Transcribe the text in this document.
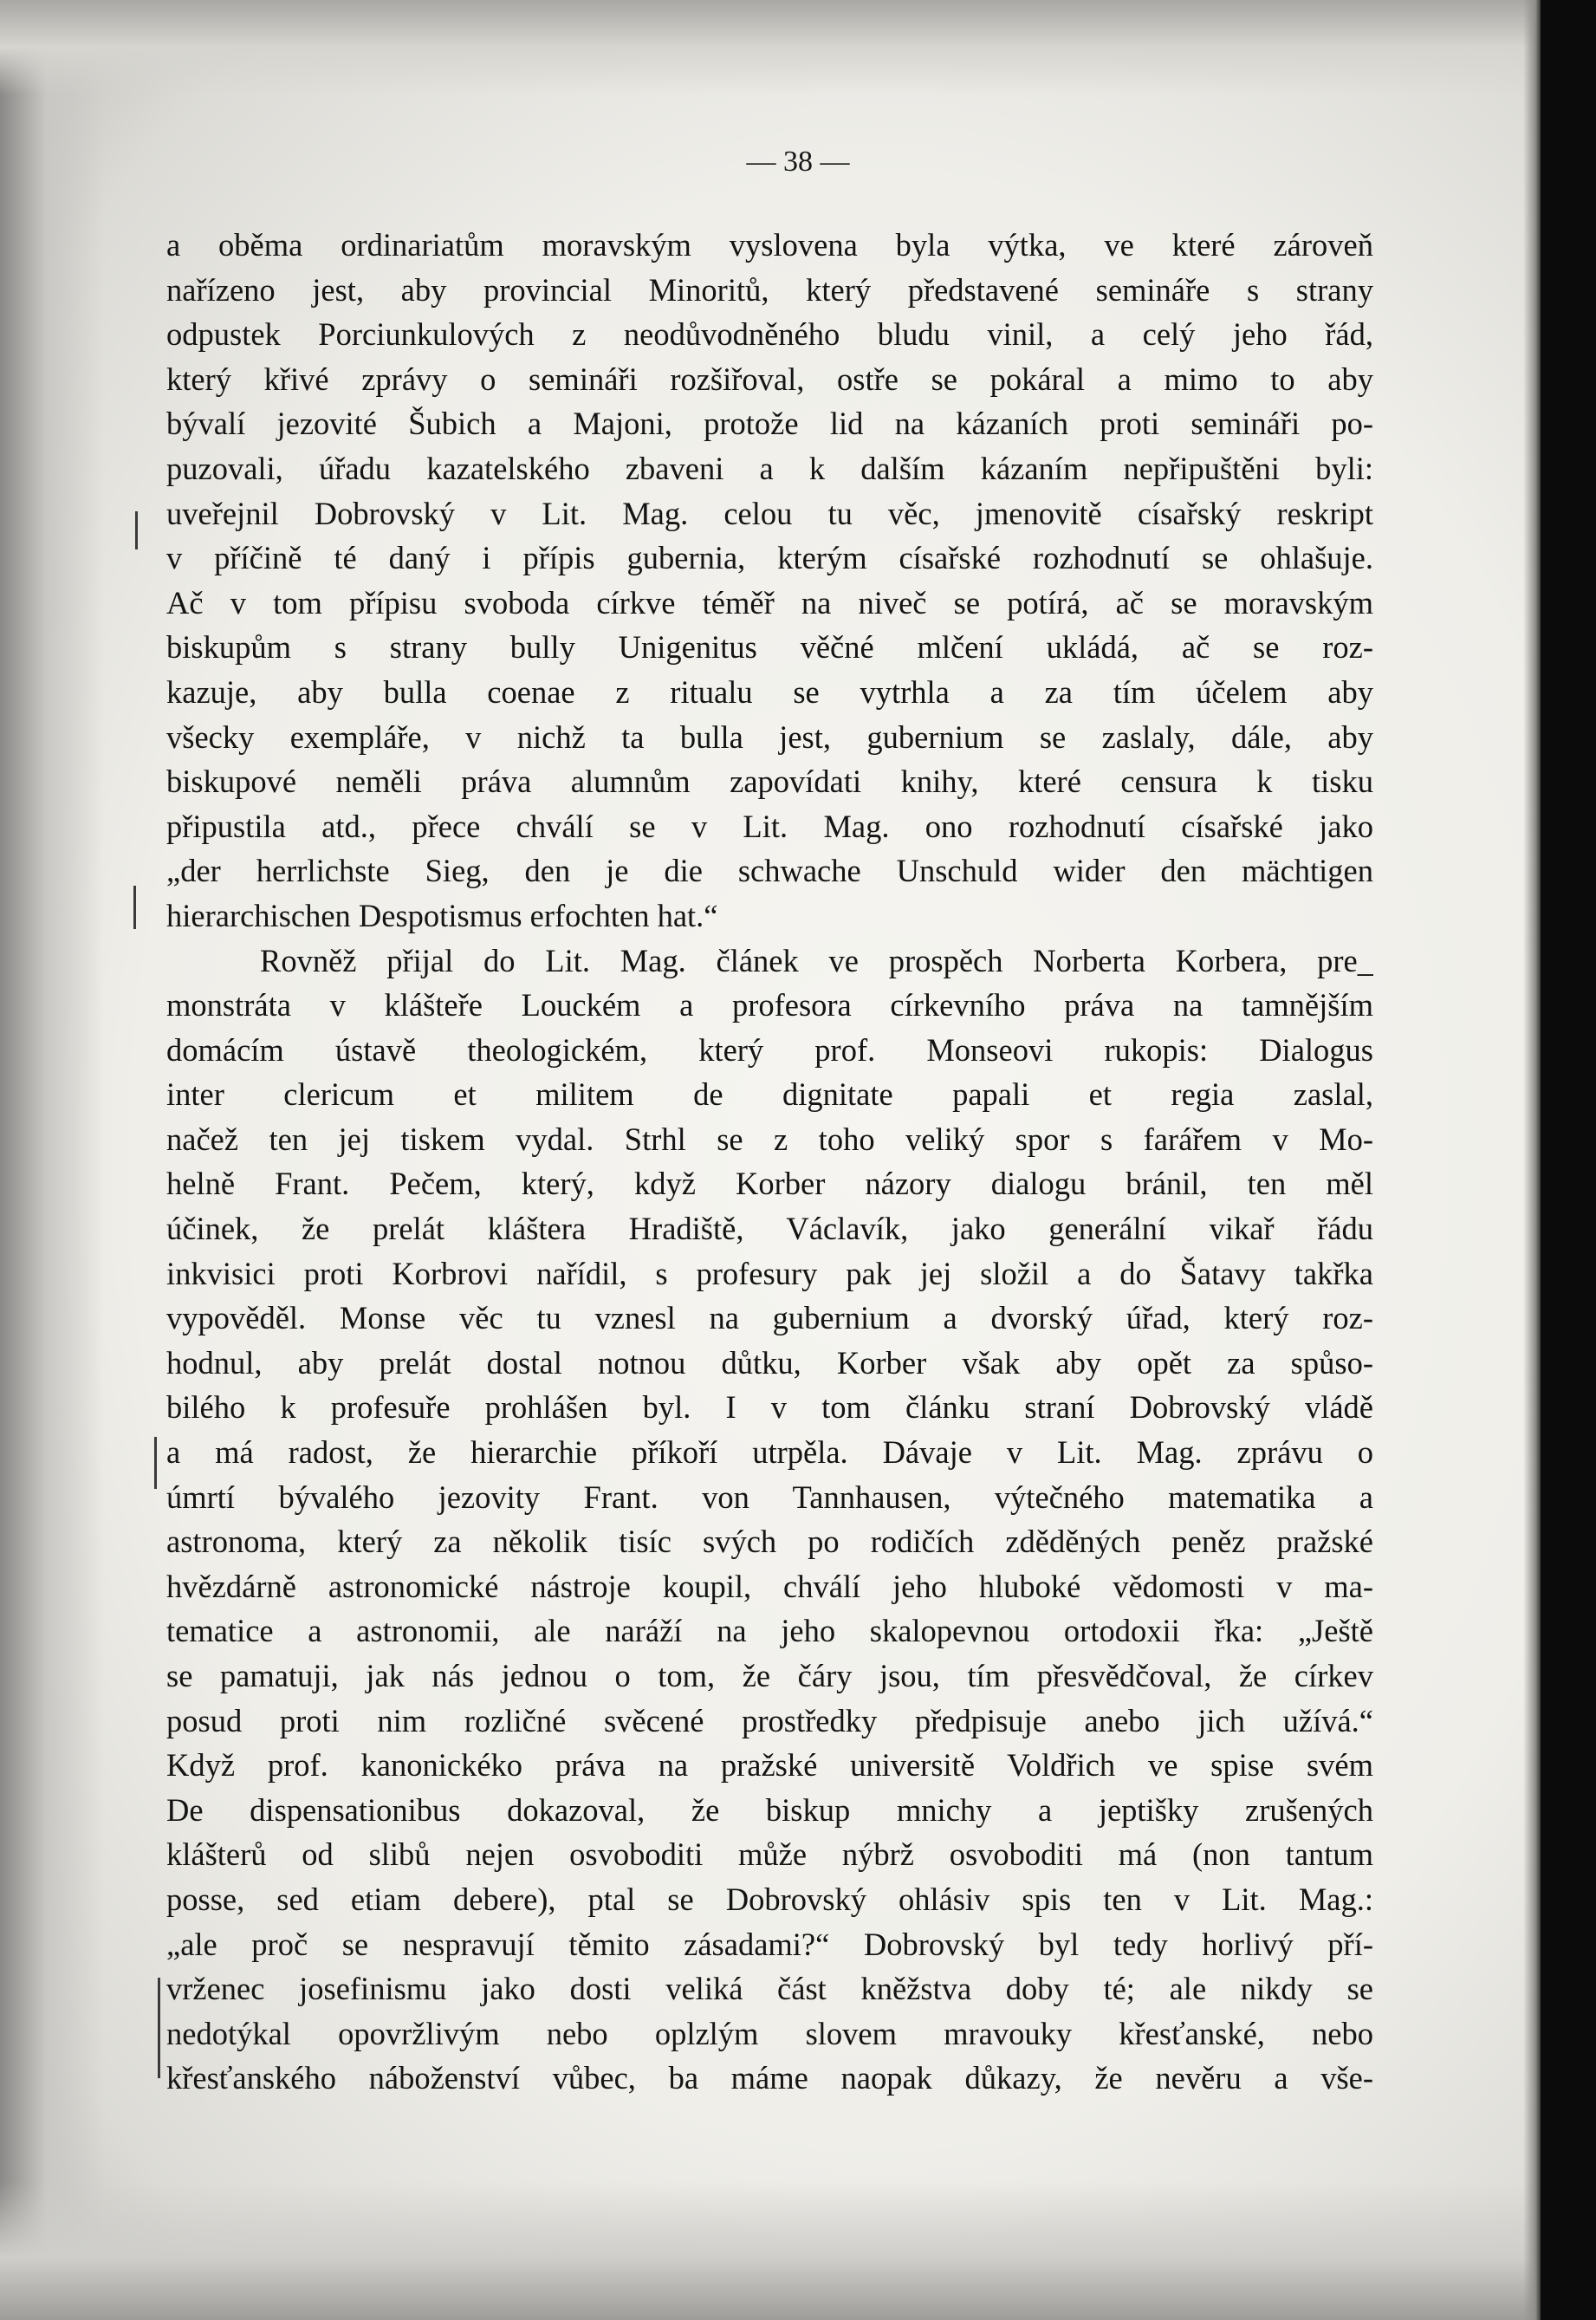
— 38 —
a oběma ordinariatům moravským vyslovena byla výtka, ve které zároveň
nařízeno jest, aby provincial Minoritů, který představené semináře s strany
odpustek Porciunkulových z neodůvodněného bludu vinil, a celý jeho řád,
který křivé zprávy o semináři rozšiřoval, ostře se pokáral a mimo to aby
bývalí jezovité Šubich a Majoni, protože lid na kázaních proti semináři po-
puzovali, úřadu kazatelského zbaveni a k dalším kázaním nepřipuštěni byli:
uveřejnil Dobrovský v Lit. Mag. celou tu věc, jmenovitě císařský reskript
v příčině té daný i přípis gubernia, kterým císařské rozhodnutí se ohlašuje.
Ač v tom přípisu svoboda církve téměř na niveč se potírá, ač se moravským
biskupům s strany bully Unigenitus věčné mlčení ukládá, ač se roz-
kazuje, aby bulla coenae z ritualu se vytrhla a za tím účelem aby
všecky exempláře, v nichž ta bulla jest, gubernium se zaslaly, dále, aby
biskupové neměli práva alumnům zapovídati knihy, které censura k tisku
připustila atd., přece chválí se v Lit. Mag. ono rozhodnutí císařské jako
„der herrlichste Sieg, den je die schwache Unschuld wider den mächtigen
hierarchischen Despotismus erfochten hat.“
Rovněž přijal do Lit. Mag. článek ve prospěch Norberta Korbera, pre_
monstráta v klášteře Louckém a profesora církevního práva na tamnějším
domácím ústavě theologickém, který prof. Monseovi rukopis: Dialogus
inter clericum et militem de dignitate papali et regia zaslal,
načež ten jej tiskem vydal. Strhl se z toho veliký spor s farářem v Mo-
helně Frant. Pečem, který, když Korber názory dialogu bránil, ten měl
účinek, že prelát kláštera Hradiště, Václavík, jako generální vikař řádu
inkvisici proti Korbrovi nařídil, s profesury pak jej složil a do Šatavy takřka
vypověděl. Monse věc tu vznesl na gubernium a dvorský úřad, který roz-
hodnul, aby prelát dostal notnou důtku, Korber však aby opět za spůso-
bilého k profesuře prohlášen byl. I v tom článku straní Dobrovský vládě
a má radost, že hierarchie příkoří utrpěla. Dávaje v Lit. Mag. zprávu o
úmrtí bývalého jezovity Frant. von Tannhausen, výtečného matematika a
astronoma, který za několik tisíc svých po rodičích zděděných peněz pražské
hvězdárně astronomické nástroje koupil, chválí jeho hluboké vědomosti v ma-
tematice a astronomii, ale naráží na jeho skalopevnou ortodoxii řka: „Ještě
se pamatuji, jak nás jednou o tom, že čáry jsou, tím přesvědčoval, že církev
posud proti nim rozličné svěcené prostředky předpisuje anebo jich užívá.“
Když prof. kanonickéko práva na pražské universitě Voldřich ve spise svém
De dispensationibus dokazoval, že biskup mnichy a jeptišky zrušených
klášterů od slibů nejen osvoboditi může nýbrž osvoboditi má (non tantum
posse, sed etiam debere), ptal se Dobrovský ohlásiv spis ten v Lit. Mag.:
„ale proč se nespravují těmito zásadami?“ Dobrovský byl tedy horlivý pří-
vrženec josefinismu jako dosti veliká část kněžstva doby té; ale nikdy se
nedotýkal opovržlivým nebo oplzlým slovem mravouky křesťanské, nebo
křesťanského náboženství vůbec, ba máme naopak důkazy, že nevěru a vše-
